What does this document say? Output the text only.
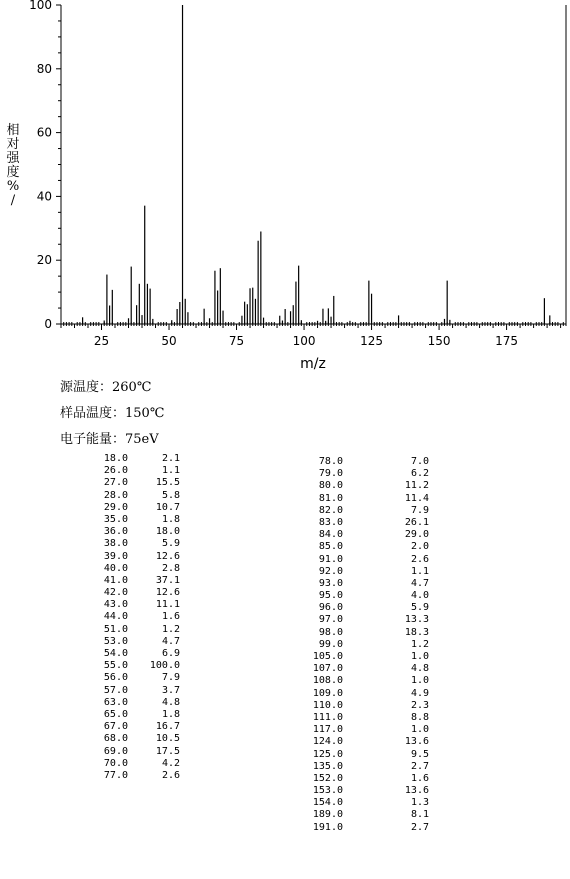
0
20
40
60
80
100
25	50	75	100	125	150	175
m/z
相
对
强
度
%
/
源温度：260℃
样品温度：150℃
电子能量：75eV
18.0	2.1
26.0	1.1
27.0	15.5
28.0	5.8
29.0	10.7
35.0	1.8
36.0	18.0
38.0	5.9
39.0	12.6
40.0	2.8
41.0	37.1
42.0	12.6
43.0	11.1
44.0	1.6
51.0	1.2
53.0	4.7
54.0	6.9
55.0	100.0
56.0	7.9
57.0	3.7
63.0	4.8
65.0	1.8
67.0	16.7
68.0	10.5
69.0	17.5
70.0	4.2
77.0	2.6
78.0	7.0
79.0	6.2
80.0	11.2
81.0	11.4
82.0	7.9
83.0	26.1
84.0	29.0
85.0	2.0
91.0	2.6
92.0	1.1
93.0	4.7
95.0	4.0
96.0	5.9
97.0	13.3
98.0	18.3
99.0	1.2
105.0	1.0
107.0	4.8
108.0	1.0
109.0	4.9
110.0	2.3
111.0	8.8
117.0	1.0
124.0	13.6
125.0	9.5
135.0	2.7
152.0	1.6
153.0	13.6
154.0	1.3
189.0	8.1
191.0	2.7
